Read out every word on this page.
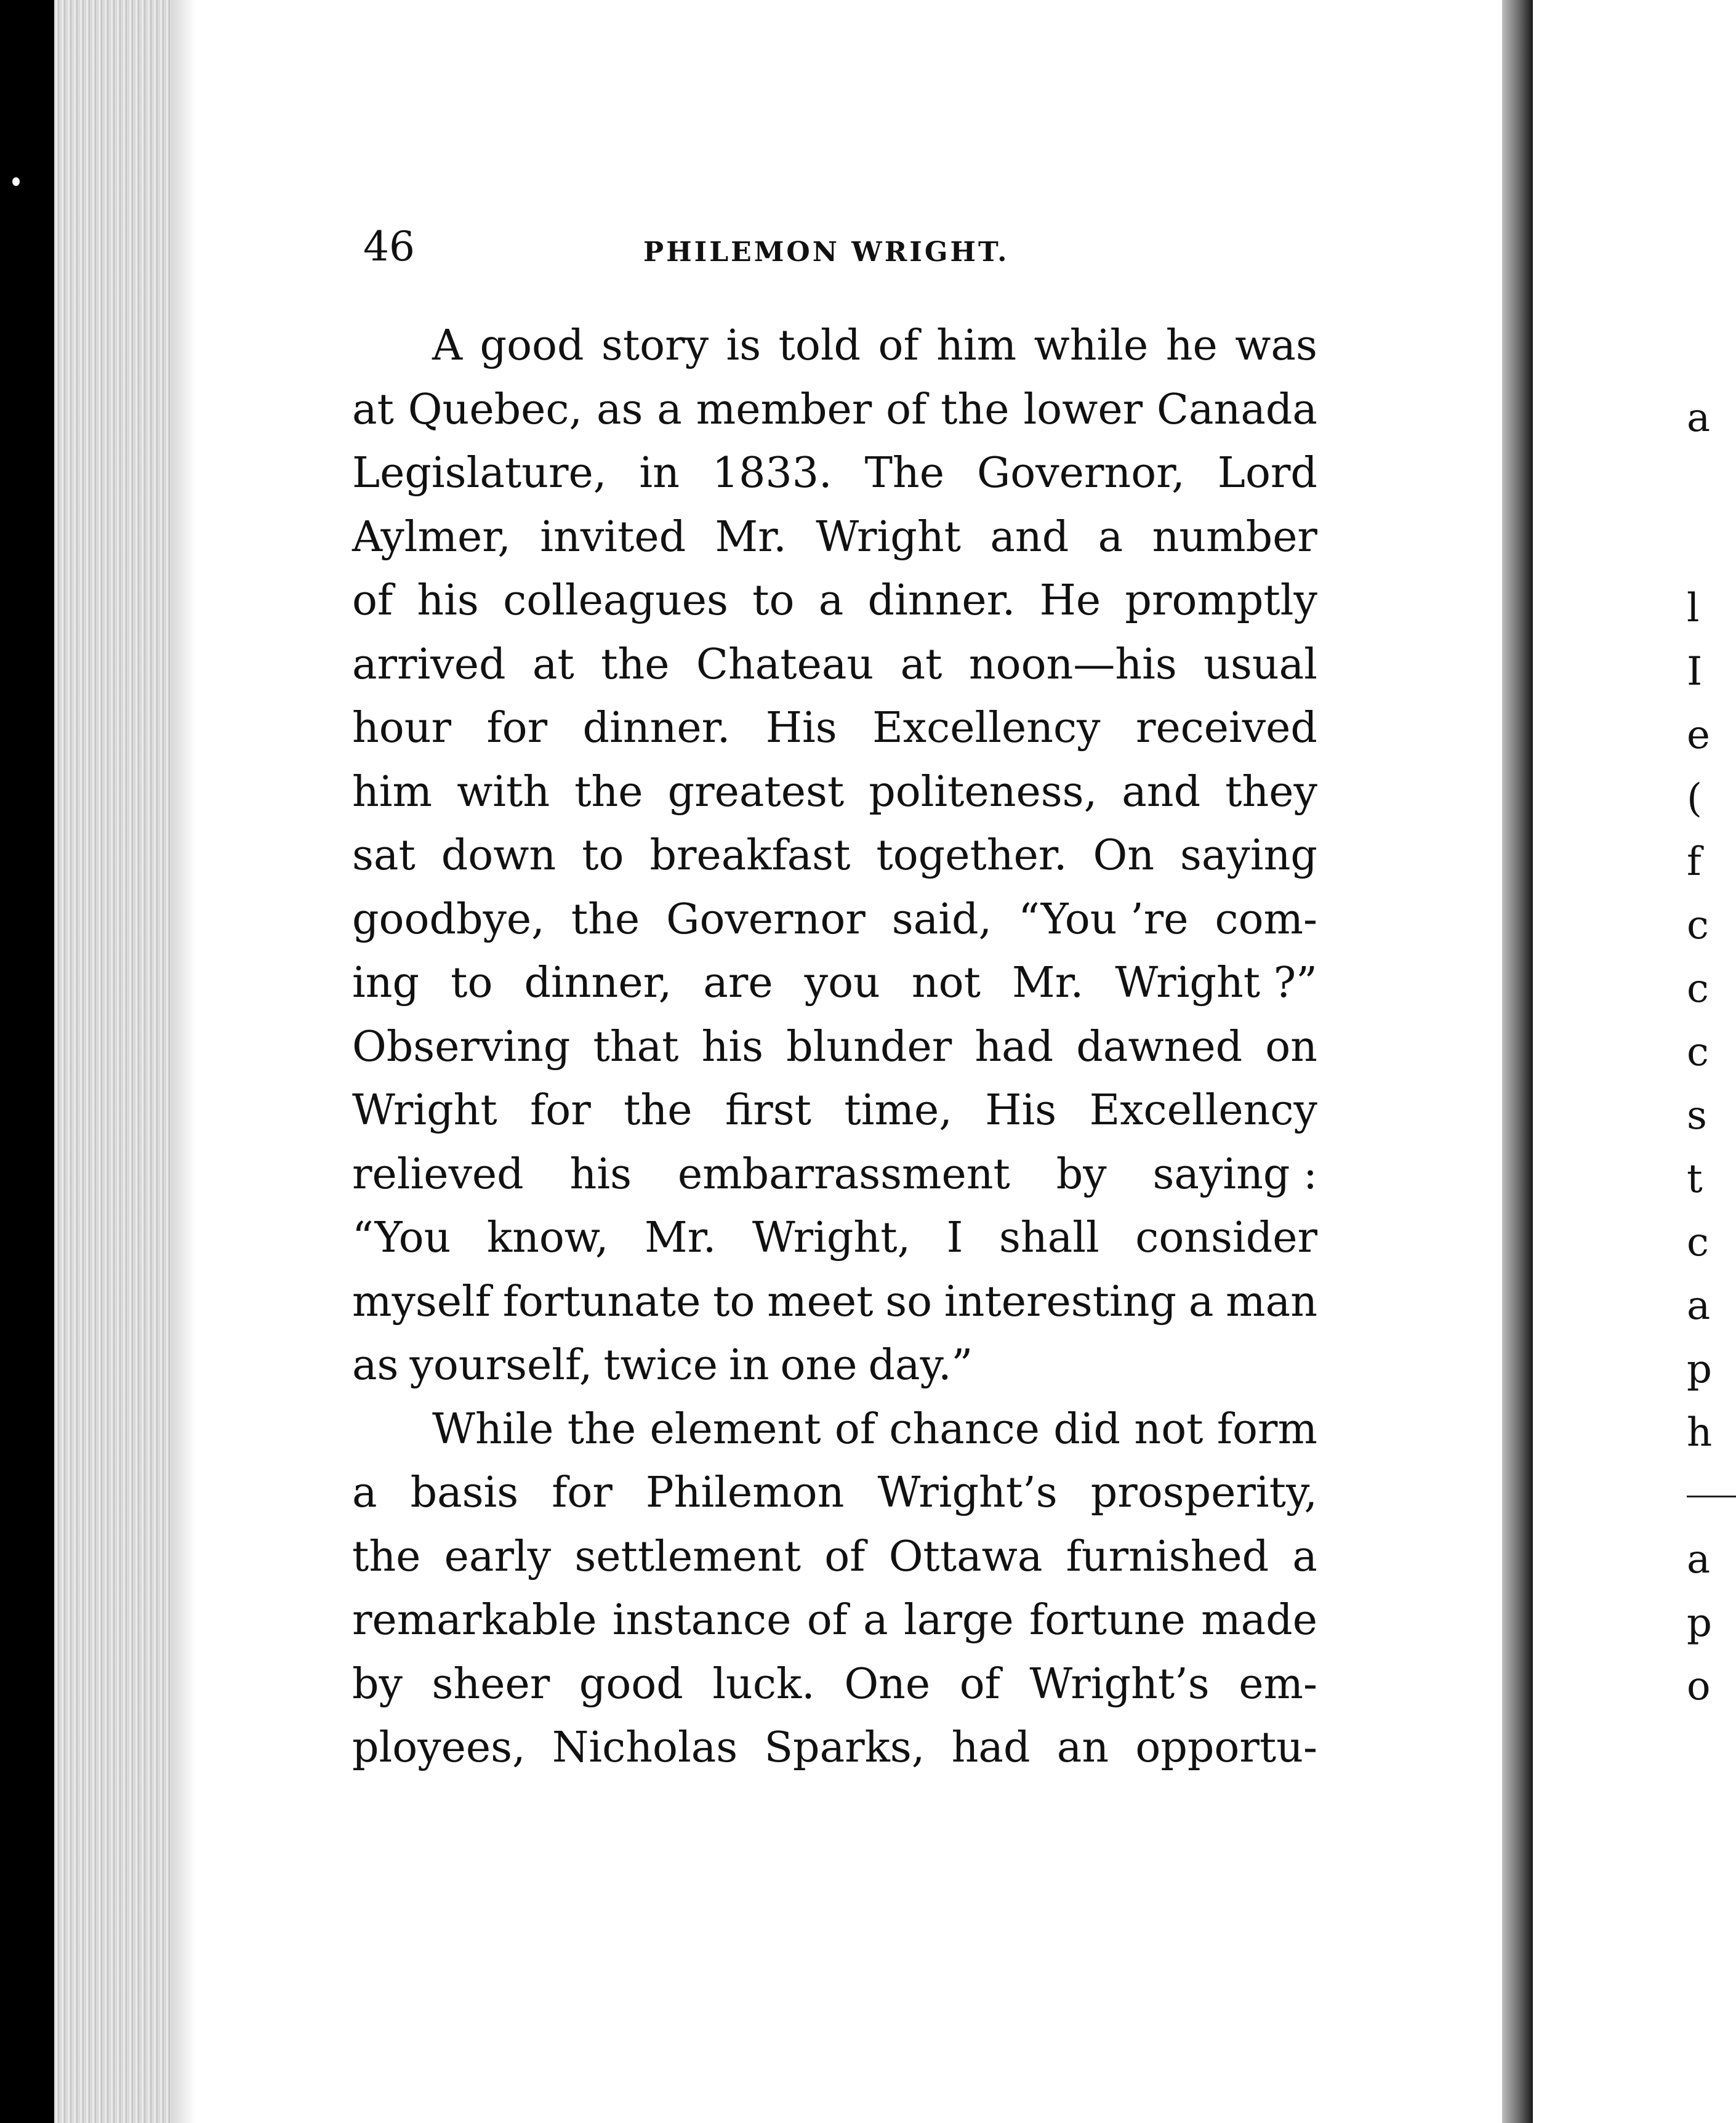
a
l
I
e
(
f
c
c
c
s
t
c
a
p
h
a
p
o
46	PHILEMON WRIGHT.
A good story is told of him while he was
at Quebec, as a member of the lower Canada
Legislature, in 1833. The Governor, Lord
Aylmer, invited Mr. Wright and a number
of his colleagues to a dinner. He promptly
arrived at the Chateau at noon—his usual
hour for dinner. His Excellency received
him with the greatest politeness, and they
sat down to breakfast together. On saying
goodbye, the Governor said, “You ’re com-
ing to dinner, are you not Mr. Wright ?”
Observing that his blunder had dawned on
Wright for the first time, His Excellency
relieved his embarrassment by saying :
“You know, Mr. Wright, I shall consider
myself fortunate to meet so interesting a man
as yourself, twice in one day.”
While the element of chance did not form
a basis for Philemon Wright’s prosperity,
the early settlement of Ottawa furnished a
remarkable instance of a large fortune made
by sheer good luck. One of Wright’s em-
ployees, Nicholas Sparks, had an opportu-
